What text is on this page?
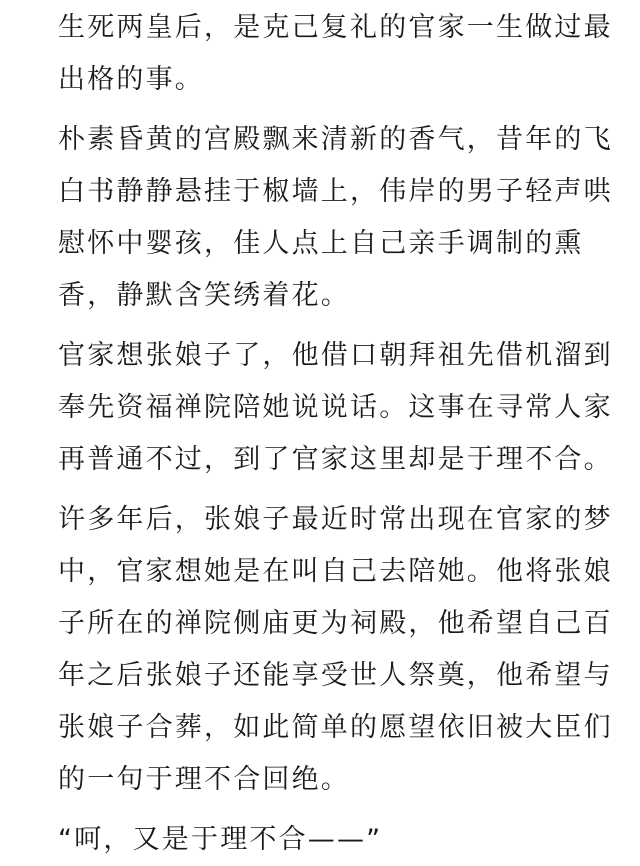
生死两皇后，是克己复礼的官家一生做过最
出格的事。
朴素昏黄的宫殿飘来清新的香气，昔年的飞
白书静静悬挂于椒墙上，伟岸的男子轻声哄
慰怀中婴孩，佳人点上自己亲手调制的熏
香，静默含笑绣着花。
官家想张娘子了，他借口朝拜祖先借机溜到
奉先资福禅院陪她说说话。这事在寻常人家
再普通不过，到了官家这里却是于理不合。
许多年后，张娘子最近时常出现在官家的梦
中，官家想她是在叫自己去陪她。他将张娘
子所在的禅院侧庙更为祠殿，他希望自己百
年之后张娘子还能享受世人祭奠，他希望与
张娘子合葬，如此简单的愿望依旧被大臣们
的一句于理不合回绝。
“呵，又是于理不合——”
